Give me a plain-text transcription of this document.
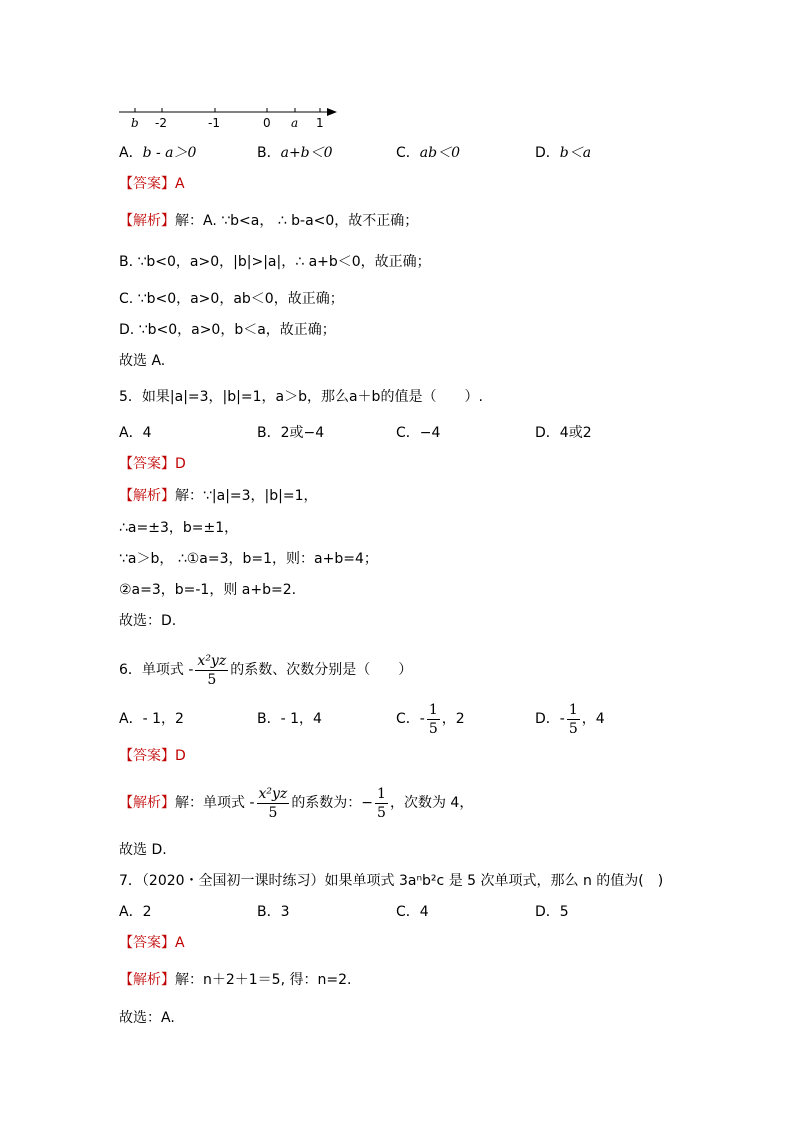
b -2	-1	0 a 1
A．b - a＞0	B．a+b＜0	C．ab＜0	D．b＜a
【答案】A
【解析】解：A. ∵b<a， ∴ b-a<0，故不正确；
B. ∵b<0，a>0，|b|>|a|，∴ a+b＜0，故正确；
C. ∵b<0，a>0，ab＜0，故正确；
D. ∵b<0，a>0，b＜a，故正确；
故选 A.
5．如果|a|=3，|b|=1，a＞b，那么a＋b的值是（　　）.
A．4	B．2或−4	C．−4	D．4或2
【答案】D
【解析】解：∵|a|=3，|b|=1，
∴a=±3，b=±1，
∵a＞b， ∴①a=3，b=1，则：a+b=4；
②a=3，b=-1，则 a+b=2.
故选：D.
6．单项式 - $\frac{\text{x²yz}}{5}$ 的系数、次数分别是（　　）
A．- 1，2	B．- 1，4	C．- $\frac{1}{5}$ ，2	D．- $\frac{1}{5}$ ，4
【答案】D
【解析】解：单项式 - $\frac{\text{x²yz}}{5}$ 的系数为：− $\frac{1}{5}$ ，次数为 4，
故选 D.
7．（2020・全国初一课时练习）如果单项式 3aⁿb²c 是 5 次单项式，那么 n 的值为(　)
A．2	B．3	C．4	D．5
【答案】A
【解析】解：n＋2＋1＝5, 得：n=2.
故选：A.
